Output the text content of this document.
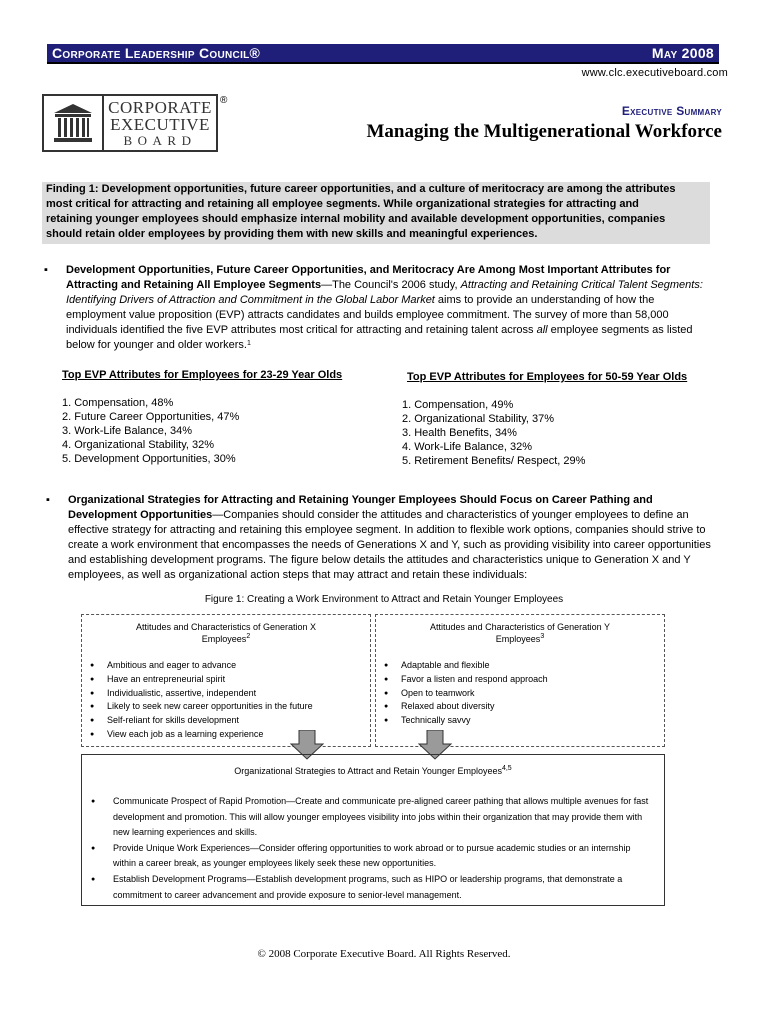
Corporate Leadership Council®	May 2008
www.clc.executiveboard.com
CORPORATE
EXECUTIVE
BOARD
®
Executive Summary
Managing the Multigenerational Workforce
Finding 1: Development opportunities, future career opportunities, and a culture of meritocracy are among the attributes
most critical for attracting and retaining all employee segments. While organizational strategies for attracting and
retaining younger employees should emphasize internal mobility and available development opportunities, companies
should retain older employees by providing them with new skills and meaningful experiences.
▪ Development Opportunities, Future Career Opportunities, and Meritocracy Are Among Most Important Attributes for Attracting and Retaining All Employee Segments—The Council's 2006 study, Attracting and Retaining Critical Talent Segments: Identifying Drivers of Attraction and Commitment in the Global Labor Market aims to provide an understanding of how the employment value proposition (EVP) attracts candidates and builds employee commitment. The survey of more than 58,000 individuals identified the five EVP attributes most critical for attracting and retaining talent across all employee segments as listed below for younger and older workers.$^1$
Top EVP Attributes for Employees for 23-29 Year Olds
1. Compensation, 48%
2. Future Career Opportunities, 47%
3. Work-Life Balance, 34%
4. Organizational Stability, 32%
5. Development Opportunities, 30%
Top EVP Attributes for Employees for 50-59 Year Olds
1. Compensation, 49%
2. Organizational Stability, 37%
3. Health Benefits, 34%
4. Work-Life Balance, 32%
5. Retirement Benefits/ Respect, 29%
▪ Organizational Strategies for Attracting and Retaining Younger Employees Should Focus on Career Pathing and Development Opportunities—Companies should consider the attitudes and characteristics of younger employees to define an effective strategy for attracting and retaining this employee segment. In addition to flexible work options, companies should strive to create a work environment that encompasses the needs of Generations X and Y, such as providing visibility into career opportunities and establishing development programs. The figure below details the attitudes and characteristics unique to Generation X and Y employees, as well as organizational action steps that may attract and retain these individuals:
Figure 1: Creating a Work Environment to Attract and Retain Younger Employees
Attitudes and Characteristics of Generation X Employees$^2$
● Ambitious and eager to advance
● Have an entrepreneurial spirit
● Individualistic, assertive, independent
● Likely to seek new career opportunities in the future
● Self-reliant for skills development
● View each job as a learning experience
Attitudes and Characteristics of Generation Y Employees$^3$
● Adaptable and flexible
● Favor a listen and respond approach
● Open to teamwork
● Relaxed about diversity
● Technically savvy
Organizational Strategies to Attract and Retain Younger Employees$^{4,5}$
● Communicate Prospect of Rapid Promotion—Create and communicate pre-aligned career pathing that allows multiple avenues for fast development and promotion. This will allow younger employees visibility into jobs within their organization that may provide them with new learning experiences and skills.
● Provide Unique Work Experiences—Consider offering opportunities to work abroad or to pursue academic studies or an internship within a career break, as younger employees likely seek these new opportunities.
● Establish Development Programs—Establish development programs, such as HIPO or leadership programs, that demonstrate a commitment to career advancement and provide exposure to senior-level management.
© 2008 Corporate Executive Board. All Rights Reserved.
